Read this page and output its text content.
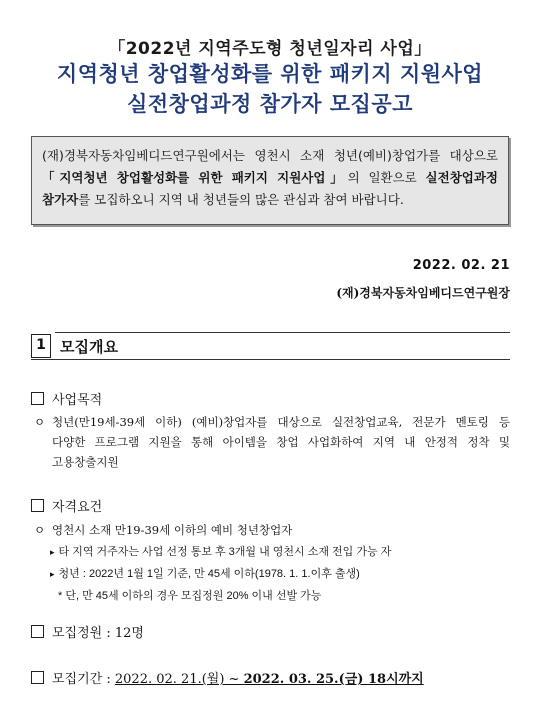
「2022년 지역주도형 청년일자리 사업」
지역청년 창업활성화를 위한 패키지 지원사업
실전창업과정 참가자 모집공고
(재)경북자동차임베디드연구원에서는 영천시 소재 청년(예비)창업가를 대상으로
「지역청년 창업활성화를 위한 패키지 지원사업」의 일환으로 실전창업과정
참가자를 모집하오니 지역 내 청년들의 많은 관심과 참여 바랍니다.
2022. 02. 21
(재)경북자동차임베디드연구원장
1 모집개요
사업목적
ㅇ 청년(만19세-39세 이하) (예비)창업자를 대상으로 실전창업교육, 전문가 멘토링 등
다양한 프로그램 지원을 통해 아이템을 창업 사업화하여 지역 내 안정적 정착 및
고용창출지원
자격요건
ㅇ 영천시 소재 만19-39세 이하의 예비 청년창업자
▸ 타 지역 거주자는 사업 선정 통보 후 3개월 내 영천시 소재 전입 가능 자
▸ 청년 : 2022년 1월 1일 기준, 만 45세 이하(1978. 1. 1.이후 출생)
* 단, 만 45세 이하의 경우 모집정원 20% 이내 선발 가능
모집정원 : 12명
모집기간 : 2022. 02. 21.(월) ~ 2022. 03. 25.(금) 18시까지
